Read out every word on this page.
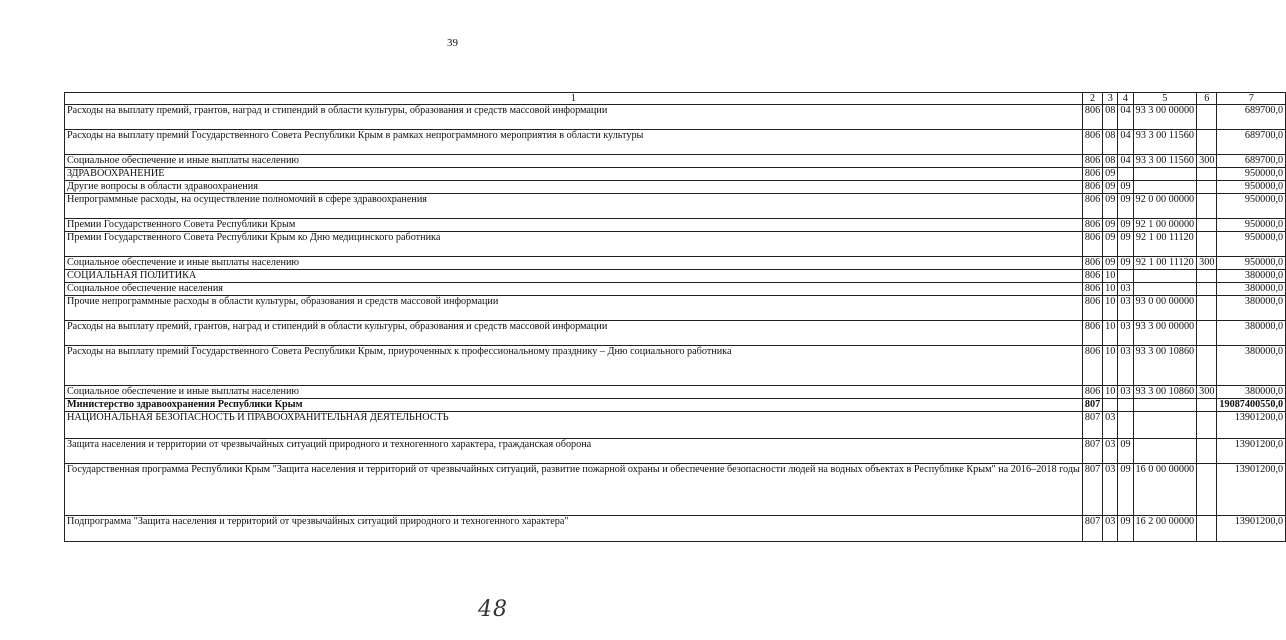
39
1	2	3	4	5	6	7
Расходы на выплату премий, грантов, наград и стипендий в области культуры, образования и средств массовой информации	806	08	04	93 3 00 00000		689700,0
Расходы на выплату премий Государственного Совета Республики Крым в рамках непрограммного мероприятия в области культуры	806	08	04	93 3 00 11560		689700,0
Социальное обеспечение и иные выплаты населению	806	08	04	93 3 00 11560	300	689700,0
ЗДРАВООХРАНЕНИЕ	806	09				950000,0
Другие вопросы в области здравоохранения	806	09	09			950000,0
Непрограммные расходы, на осуществление полномочий в сфере здравоохранения	806	09	09	92 0 00 00000		950000,0
Премии Государственного Совета Республики Крым	806	09	09	92 1 00 00000		950000,0
Премии Государственного Совета Республики Крым ко Дню медицинского работника	806	09	09	92 1 00 11120		950000,0
Социальное обеспечение и иные выплаты населению	806	09	09	92 1 00 11120	300	950000,0
СОЦИАЛЬНАЯ ПОЛИТИКА	806	10				380000,0
Социальное обеспечение населения	806	10	03			380000,0
Прочие непрограммные расходы в области культуры, образования и средств массовой информации	806	10	03	93 0 00 00000		380000,0
Расходы на выплату премий, грантов, наград и стипендий в области культуры, образования и средств массовой информации	806	10	03	93 3 00 00000		380000,0
Расходы на выплату премий Государственного Совета Республики Крым, приуроченных к профессиональному празднику – Дню социального работника	806	10	03	93 3 00 10860		380000,0
Социальное обеспечение и иные выплаты населению	806	10	03	93 3 00 10860	300	380000,0
Министерство здравоохранения Республики Крым	807					19087400550,0
НАЦИОНАЛЬНАЯ БЕЗОПАСНОСТЬ И ПРАВООХРАНИТЕЛЬНАЯ ДЕЯТЕЛЬНОСТЬ	807	03				13901200,0
Защита населения и территории от чрезвычайных ситуаций природного и техногенного характера, гражданская оборона	807	03	09			13901200,0
Государственная программа Республики Крым "Защита населения и территорий от чрезвычайных ситуаций, развитие пожарной охраны и обеспечение безопасности людей на водных объектах в Республике Крым" на 2016–2018 годы	807	03	09	16 0 00 00000		13901200,0
Подпрограмма "Защита населения и территорий от чрезвычайных ситуаций природного и техногенного характера"	807	03	09	16 2 00 00000		13901200,0
48
